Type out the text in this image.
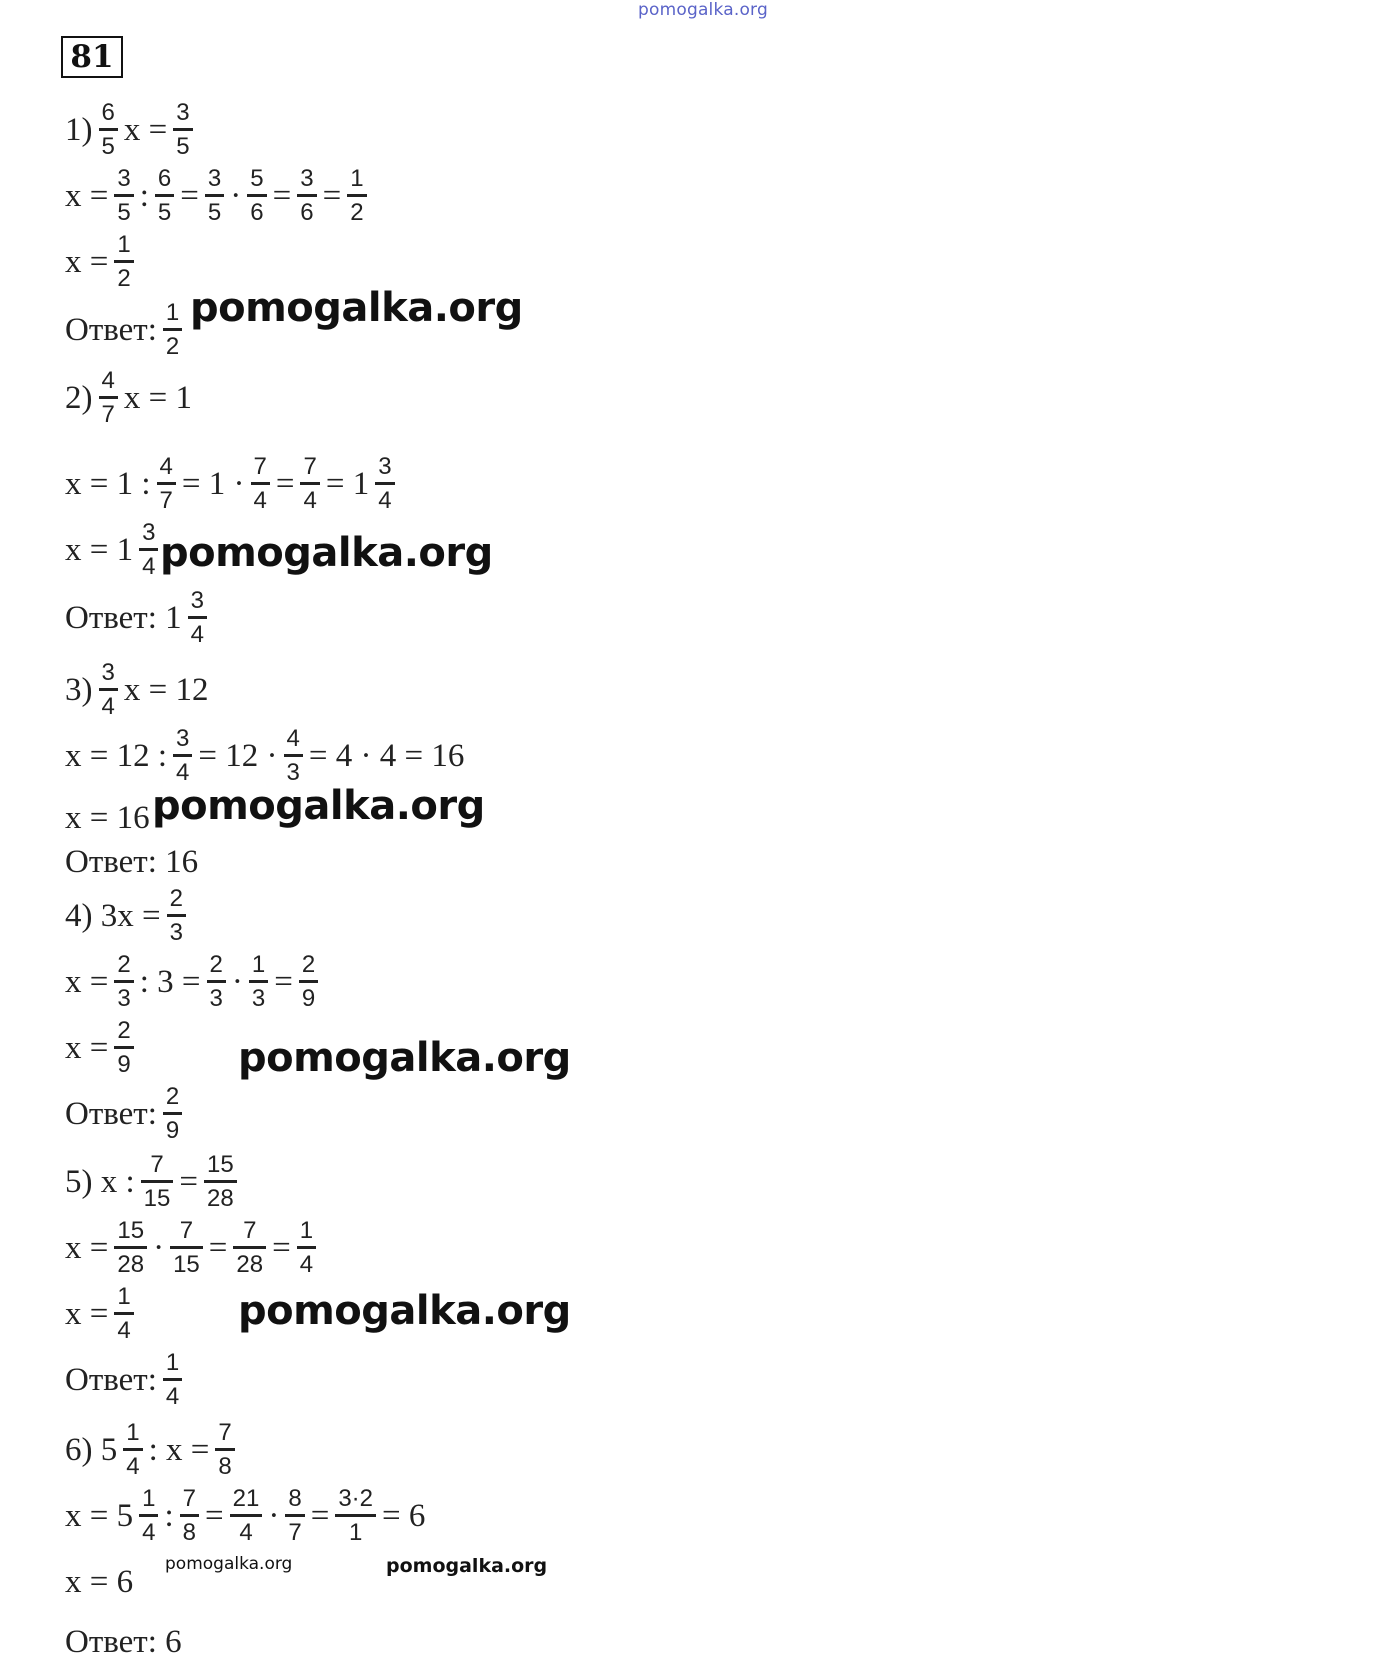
pomogalka.org
81
$1) \frac{6}{5}$ $x = \frac{3}{5}$
$x = \frac{3}{5}$ : $\frac{6}{5} = \frac{3}{5} \cdot \frac{5}{6} = \frac{3}{6} = \frac{1}{2}$
$x = \frac{1}{2}$
Ответ: $\frac{1}{2}$
$2) \frac{4}{7}$ x = 1
x = 1 : $\frac{4}{7} = 1 \cdot \frac{7}{4} = \frac{7}{4} = 1 \frac{3}{4}$
$x = 1 \frac{3}{4}$
Ответ: $1 \frac{3}{4}$
$3) \frac{3}{4}$ x = 12
x = 12 : $\frac{3}{4} = 12 \cdot \frac{4}{3} = 4 \cdot 4 = 16$
x = 16
Ответ: 16
4) $3x = \frac{2}{3}$
$x = \frac{2}{3}$ : $3 = \frac{2}{3} \cdot \frac{1}{3} = \frac{2}{9}$
$x = \frac{2}{9}$
Ответ: $\frac{2}{9}$
5) x : $\frac{7}{15} = \frac{15}{28}$
$x = \frac{15}{28} \cdot \frac{7}{15} = \frac{7}{28} = \frac{1}{4}$
$x = \frac{1}{4}$
Ответ: $\frac{1}{4}$
6) $5 \frac{1}{4}$ : $x = \frac{7}{8}$
$x = 5 \frac{1}{4}$ : $\frac{7}{8} = \frac{21}{4} \cdot \frac{8}{7} = \frac{3\cdot 2}{1} = 6$
x = 6
Ответ: 6
pomogalka.org
pomogalka.org
pomogalka.org
pomogalka.org
pomogalka.org
pomogalka.org	pomogalka.org
